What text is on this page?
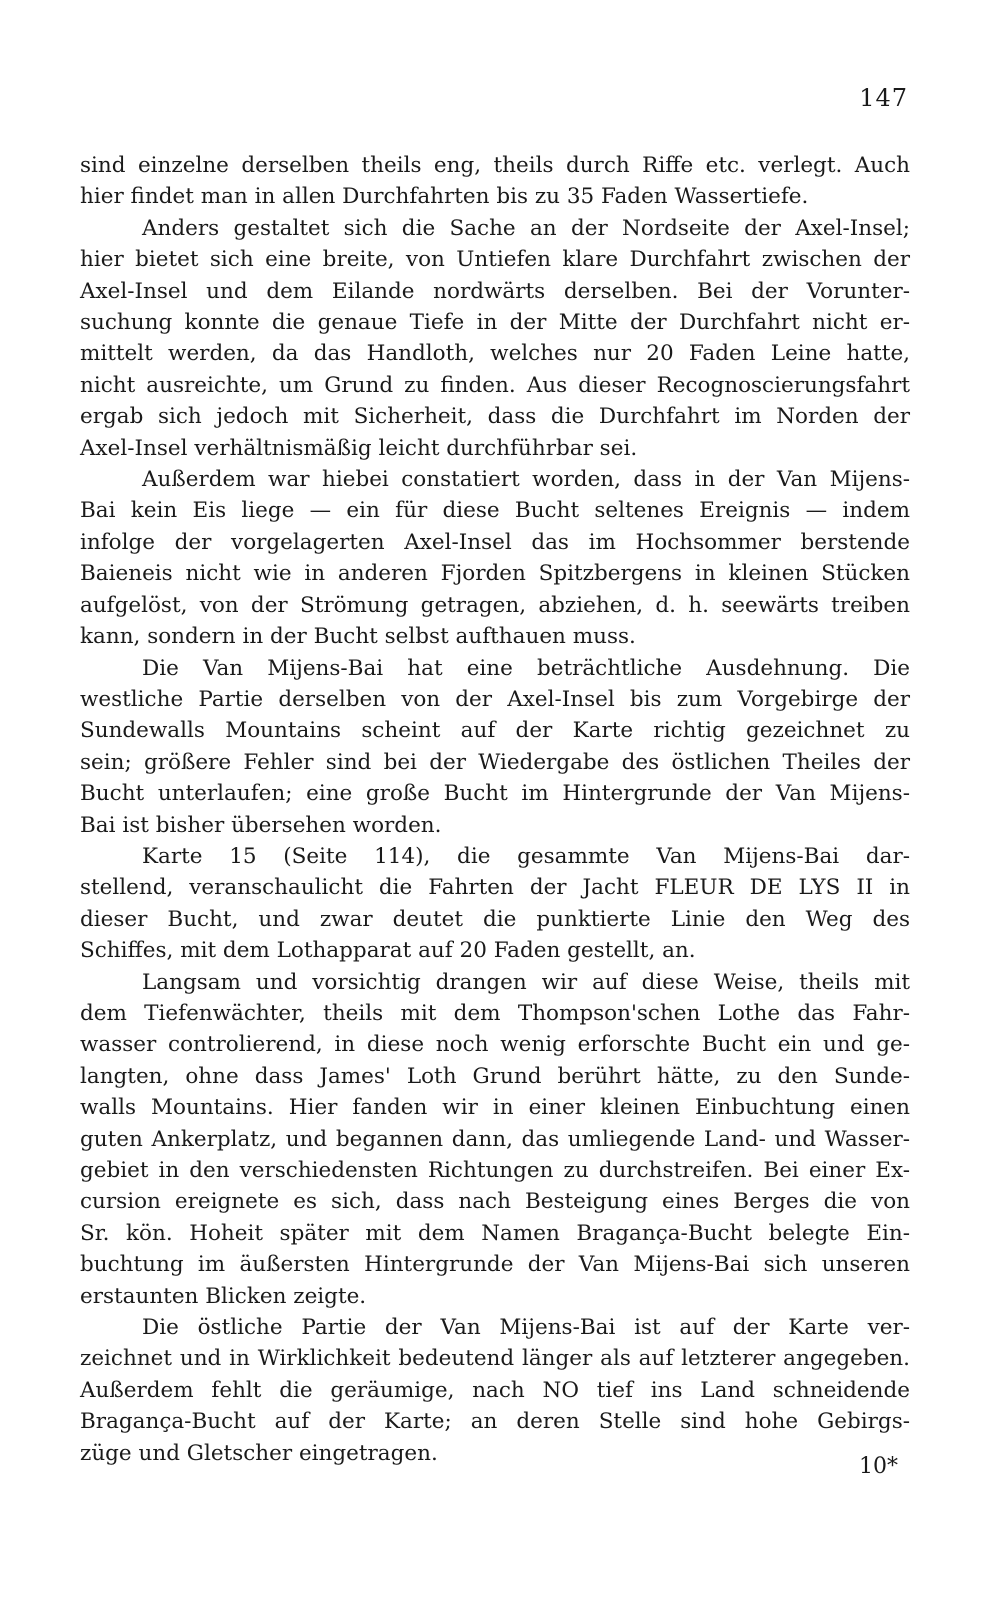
147
sind einzelne derselben theils eng, theils durch Riffe etc. verlegt. Auch
hier findet man in allen Durchfahrten bis zu 35 Faden Wassertiefe.
Anders gestaltet sich die Sache an der Nordseite der Axel-Insel;
hier bietet sich eine breite, von Untiefen klare Durchfahrt zwischen der
Axel-Insel und dem Eilande nordwärts derselben. Bei der Vorunter-
suchung konnte die genaue Tiefe in der Mitte der Durchfahrt nicht er-
mittelt werden, da das Handloth, welches nur 20 Faden Leine hatte,
nicht ausreichte, um Grund zu finden. Aus dieser Recognoscierungsfahrt
ergab sich jedoch mit Sicherheit, dass die Durchfahrt im Norden der
Axel-Insel verhältnismäßig leicht durchführbar sei.
Außerdem war hiebei constatiert worden, dass in der Van Mijens-
Bai kein Eis liege — ein für diese Bucht seltenes Ereignis — indem
infolge der vorgelagerten Axel-Insel das im Hochsommer berstende
Baieneis nicht wie in anderen Fjorden Spitzbergens in kleinen Stücken
aufgelöst, von der Strömung getragen, abziehen, d. h. seewärts treiben
kann, sondern in der Bucht selbst aufthauen muss.
Die Van Mijens-Bai hat eine beträchtliche Ausdehnung. Die
westliche Partie derselben von der Axel-Insel bis zum Vorgebirge der
Sundewalls Mountains scheint auf der Karte richtig gezeichnet zu
sein; größere Fehler sind bei der Wiedergabe des östlichen Theiles der
Bucht unterlaufen; eine große Bucht im Hintergrunde der Van Mijens-
Bai ist bisher übersehen worden.
Karte 15 (Seite 114), die gesammte Van Mijens-Bai dar-
stellend, veranschaulicht die Fahrten der Jacht FLEUR DE LYS II in
dieser Bucht, und zwar deutet die punktierte Linie den Weg des
Schiffes, mit dem Lothapparat auf 20 Faden gestellt, an.
Langsam und vorsichtig drangen wir auf diese Weise, theils mit
dem Tiefenwächter, theils mit dem Thompson'schen Lothe das Fahr-
wasser controlierend, in diese noch wenig erforschte Bucht ein und ge-
langten, ohne dass James' Loth Grund berührt hätte, zu den Sunde-
walls Mountains. Hier fanden wir in einer kleinen Einbuchtung einen
guten Ankerplatz, und begannen dann, das umliegende Land- und Wasser-
gebiet in den verschiedensten Richtungen zu durchstreifen. Bei einer Ex-
cursion ereignete es sich, dass nach Besteigung eines Berges die von
Sr. kön. Hoheit später mit dem Namen Bragança-Bucht belegte Ein-
buchtung im äußersten Hintergrunde der Van Mijens-Bai sich unseren
erstaunten Blicken zeigte.
Die östliche Partie der Van Mijens-Bai ist auf der Karte ver-
zeichnet und in Wirklichkeit bedeutend länger als auf letzterer angegeben.
Außerdem fehlt die geräumige, nach NO tief ins Land schneidende
Bragança-Bucht auf der Karte; an deren Stelle sind hohe Gebirgs-
züge und Gletscher eingetragen.
10*
